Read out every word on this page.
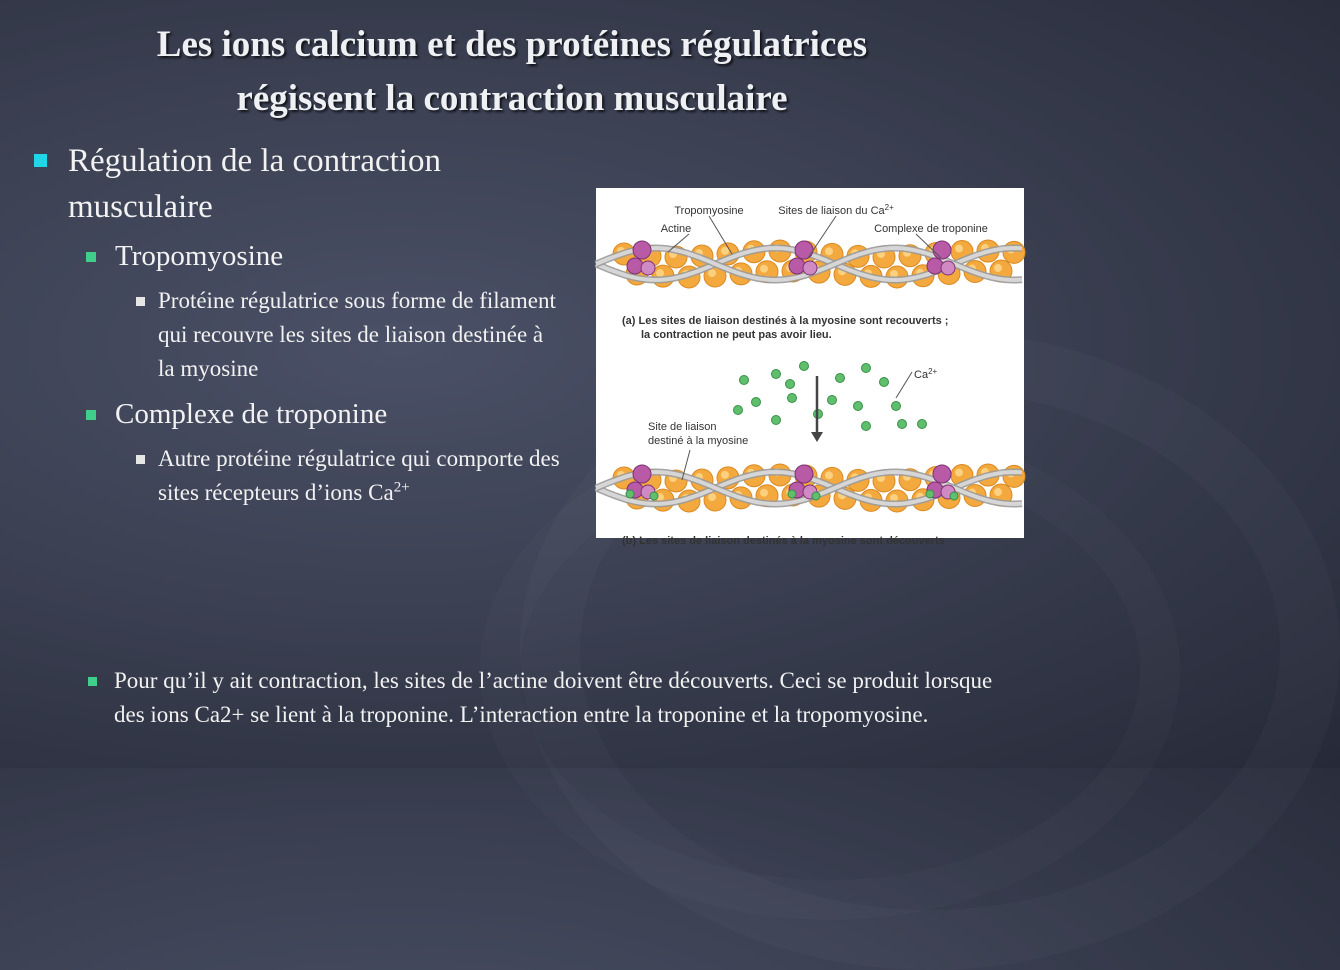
Les ions calcium et des protéines régulatrices
régissent la contraction musculaire
Régulation de la contraction musculaire
Tropomyosine
Protéine régulatrice sous forme de filament qui recouvre les sites de liaison destinée à la myosine
Complexe de troponine
Autre protéine régulatrice qui comporte des sites récepteurs d’ions $Ca^{2+}$
Tropomyosine	Sites de liaison du $Ca^{2+}$
Actine	Complexe de troponine
(a) Les sites de liaison destinés à la myosine sont recouverts ;
la contraction ne peut pas avoir lieu.
$Ca^{2+}$
Site de liaison
destiné à la myosine
(b) Les sites de liaison destinés à la myosine sont découverts
Pour qu’il y ait contraction, les sites de l’actine doivent être découverts. Ceci se produit lorsque des ions Ca2+ se lient à la troponine. L’interaction entre la troponine et la tropomyosine.
